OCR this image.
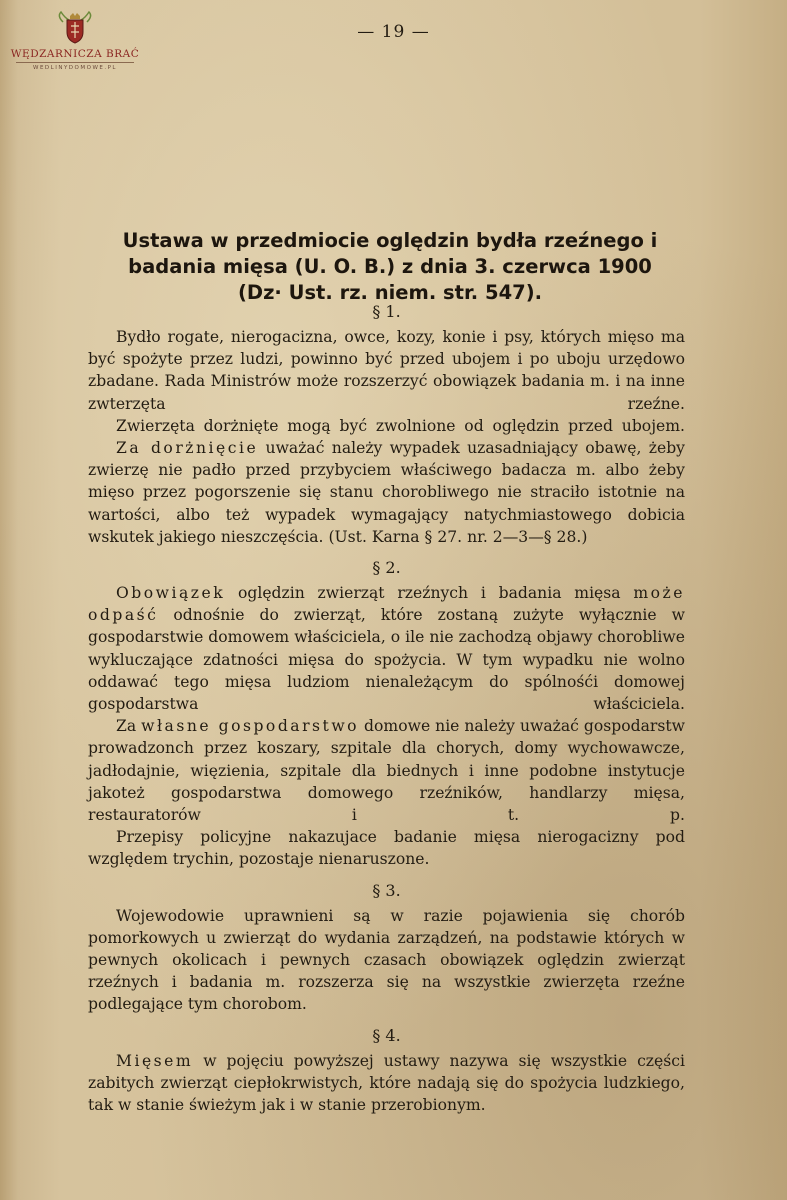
WĘDZARNICZA BRAĆ
WEDLINYDOMOWE.PL
— 19 —
Ustawa w przedmiocie oględzin bydła rzeźnego i
badania mięsa (U. O. B.) z dnia 3. czerwca 1900
(Dz· Ust. rz. niem. str. 547).
§ 1.

Bydło rogate, nierogacizna, owce, kozy, konie i psy, których mięso ma być spożyte przez ludzi, powinno być przed ubojem i po uboju urzędowo zbadane. Rada Ministrów może rozszerzyć obowiązek badania m. i na inne zwterzęta rzeźne.

Zwierzęta dorżnięte mogą być zwolnione od oględzin przed ubojem.

Za dorżnięcie uważać należy wypadek uzasadniający obawę, żeby zwierzę nie padło przed przybyciem właściwego badacza m. albo żeby mięso przez pogorszenie się stanu chorobliwego nie straciło istotnie na wartości, albo też wypadek wymagający natychmiastowego dobicia wskutek jakiego nieszczęścia. (Ust. Karna § 27. nr. 2—3—§ 28.)

§ 2.

Obowiązek oględzin zwierząt rzeźnych i badania mięsa może odpaść odnośnie do zwierząt, które zostaną zużyte wyłącznie w gospodarstwie domowem właściciela, o ile nie zachodzą objawy chorobliwe wykluczające zdatności mięsa do spożycia. W tym wypadku nie wolno oddawać tego mięsa ludziom nienależącym do spólnośći domowej gospodarstwa właściciela.

Za własne gospodarstwo domowe nie należy uważać gospodarstw prowadzonch przez koszary, szpitale dla chorych, domy wychowawcze, jadłodajnie, więzienia, szpitale dla biednych i inne podobne instytucje jakoteż gospodarstwa domowego rzeźników, handlarzy mięsa, restauratorów i t. p.

Przepisy policyjne nakazujace badanie mięsa nierogacizny pod względem trychin, pozostaje nienaruszone.

§ 3.

Wojewodowie uprawnieni są w razie pojawienia się chorób pomorkowych u zwierząt do wydania zarządzeń, na podstawie których w pewnych okolicach i pewnych czasach obowiązek oględzin zwierząt rzeźnych i badania m. rozszerza się na wszystkie zwierzęta rzeźne podlegające tym chorobom.

§ 4.

Mięsem w pojęciu powyższej ustawy nazywa się wszystkie części zabitych zwierząt ciepłokrwistych, które nadają się do spożycia ludzkiego, tak w stanie świeżym jak i w stanie przerobionym.
